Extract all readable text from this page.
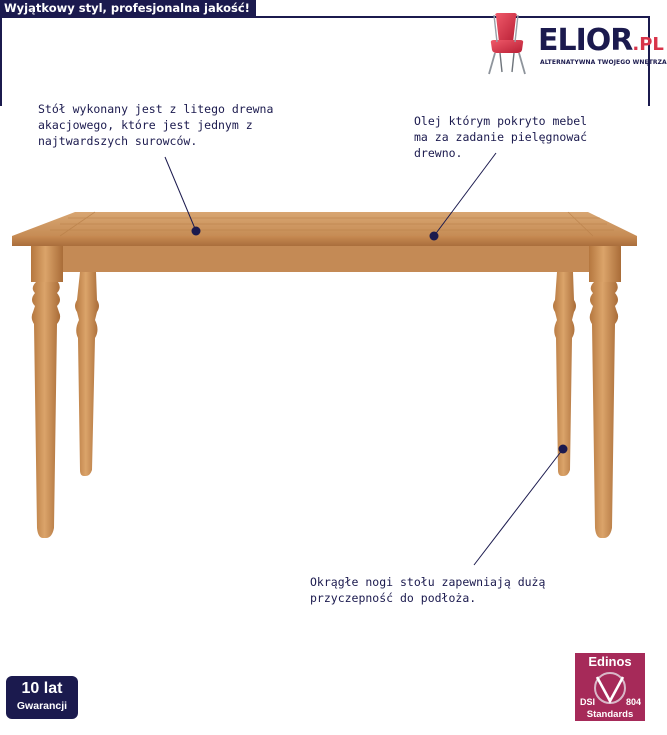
Wyjątkowy styl, profesjonalna jakość!
ELIOR.PL
ALTERNATYWNA TWOJEGO WNĘTRZA
Stół wykonany jest z litego drewna
akacjowego, które jest jednym z
najtwardszych surowców.
Olej którym pokryto mebel
ma za zadanie pielęgnować
drewno.
Okrągłe nogi stołu zapewniają dużą
przyczepność do podłoża.
10 lat
Gwarancji
Edinos
DSI	804
Standards
